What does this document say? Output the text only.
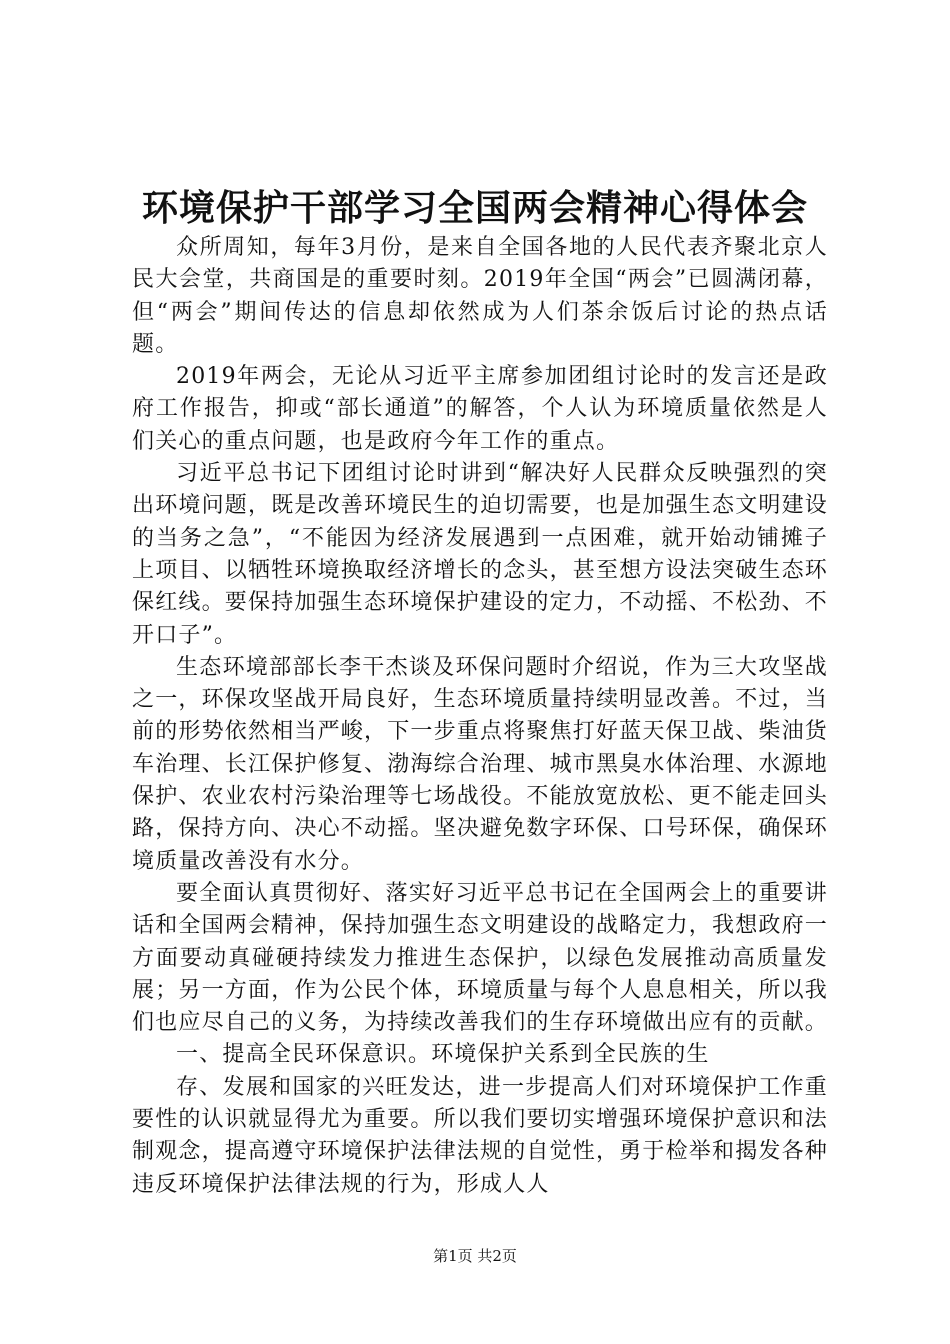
环境保护干部学习全国两会精神心得体会

众所周知，每年3月份，是来自全国各地的人民代表齐聚北京人民大会堂，共商国是的重要时刻。2019年全国“两会”已圆满闭幕，但“两会”期间传达的信息却依然成为人们茶余饭后讨论的热点话题。

2019年两会，无论从习近平主席参加团组讨论时的发言还是政府工作报告，抑或“部长通道”的解答，个人认为环境质量依然是人们关心的重点问题，也是政府今年工作的重点。

习近平总书记下团组讨论时讲到“解决好人民群众反映强烈的突出环境问题，既是改善环境民生的迫切需要，也是加强生态文明建设的当务之急”，“不能因为经济发展遇到一点困难，就开始动铺摊子上项目、以牺牲环境换取经济增长的念头，甚至想方设法突破生态环保红线。要保持加强生态环境保护建设的定力，不动摇、不松劲、不开口子”。

生态环境部部长李干杰谈及环保问题时介绍说，作为三大攻坚战之一，环保攻坚战开局良好，生态环境质量持续明显改善。不过，当前的形势依然相当严峻，下一步重点将聚焦打好蓝天保卫战、柴油货车治理、长江保护修复、渤海综合治理、城市黑臭水体治理、水源地保护、农业农村污染治理等七场战役。不能放宽放松、更不能走回头路，保持方向、决心不动摇。坚决避免数字环保、口号环保，确保环境质量改善没有水分。

要全面认真贯彻好、落实好习近平总书记在全国两会上的重要讲话和全国两会精神，保持加强生态文明建设的战略定力，我想政府一方面要动真碰硬持续发力推进生态保护，以绿色发展推动高质量发展；另一方面，作为公民个体，环境质量与每个人息息相关，所以我们也应尽自己的义务，为持续改善我们的生存环境做出应有的贡献。

一、提高全民环保意识。环境保护关系到全民族的生

存、发展和国家的兴旺发达，进一步提高人们对环境保护工作重要性的认识就显得尤为重要。所以我们要切实增强环境保护意识和法制观念，提高遵守环境保护法律法规的自觉性，勇于检举和揭发各种违反环境保护法律法规的行为，形成人人

第1页 共2页
